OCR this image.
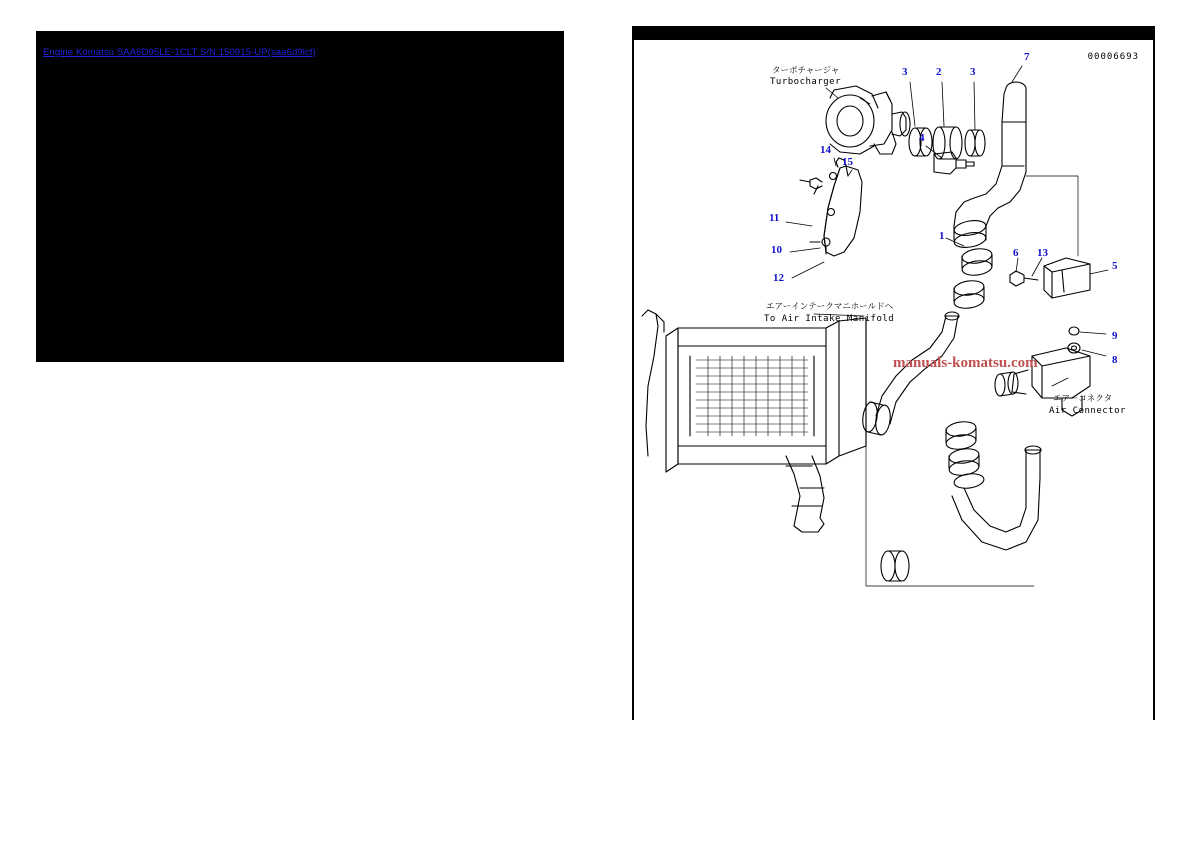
Engine Komatsu SAA6D95LE-1CLT S/N 150915-UP(saa6d9lcf)	00006693
ターボチャージャ
Turbocharger
エアーインテークマニホールドへ
To Air Intake Manifold
エアーコネクタ
Air Connector
7
3	2	3
4
14
15
11
10
12
1
6 13
5
9
8
manuals-komatsu.com
